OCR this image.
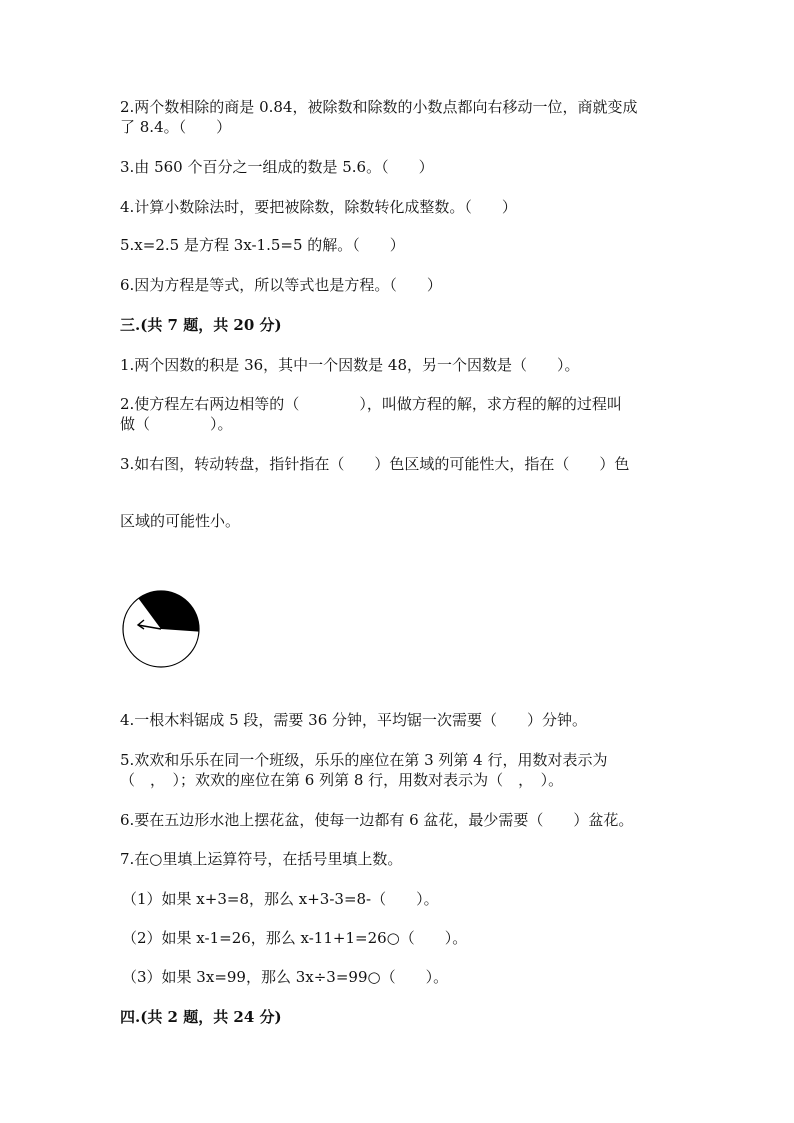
2.两个数相除的商是 0.84，被除数和除数的小数点都向右移动一位，商就变成
了 8.4。（　　）
3.由 560 个百分之一组成的数是 5.6。（　　）
4.计算小数除法时，要把被除数，除数转化成整数。（　　）
5.x=2.5 是方程 3x-1.5=5 的解。（　　）
6.因为方程是等式，所以等式也是方程。（　　）
三.(共 7 题，共 20 分)
1.两个因数的积是 36，其中一个因数是 48，另一个因数是（　　）。
2.使方程左右两边相等的（　　　　），叫做方程的解，求方程的解的过程叫
做（　　　　）。
3.如右图，转动转盘，指针指在（　　）色区域的可能性大，指在（　　）色
区域的可能性小。
4.一根木料锯成 5 段，需要 36 分钟，平均锯一次需要（　　）分钟。
5.欢欢和乐乐在同一个班级，乐乐的座位在第 3 列第 4 行，用数对表示为
（　，　）；欢欢的座位在第 6 列第 8 行，用数对表示为（　，　）。
6.要在五边形水池上摆花盆，使每一边都有 6 盆花，最少需要（　　）盆花。
7.在○里填上运算符号，在括号里填上数。
（1）如果 x+3=8，那么 x+3-3=8-（　　）。
（2）如果 x-1=26，那么 x-11+1=26○（　　）。
（3）如果 3x=99，那么 3x÷3=99○（　　）。
四.(共 2 题，共 24 分)
